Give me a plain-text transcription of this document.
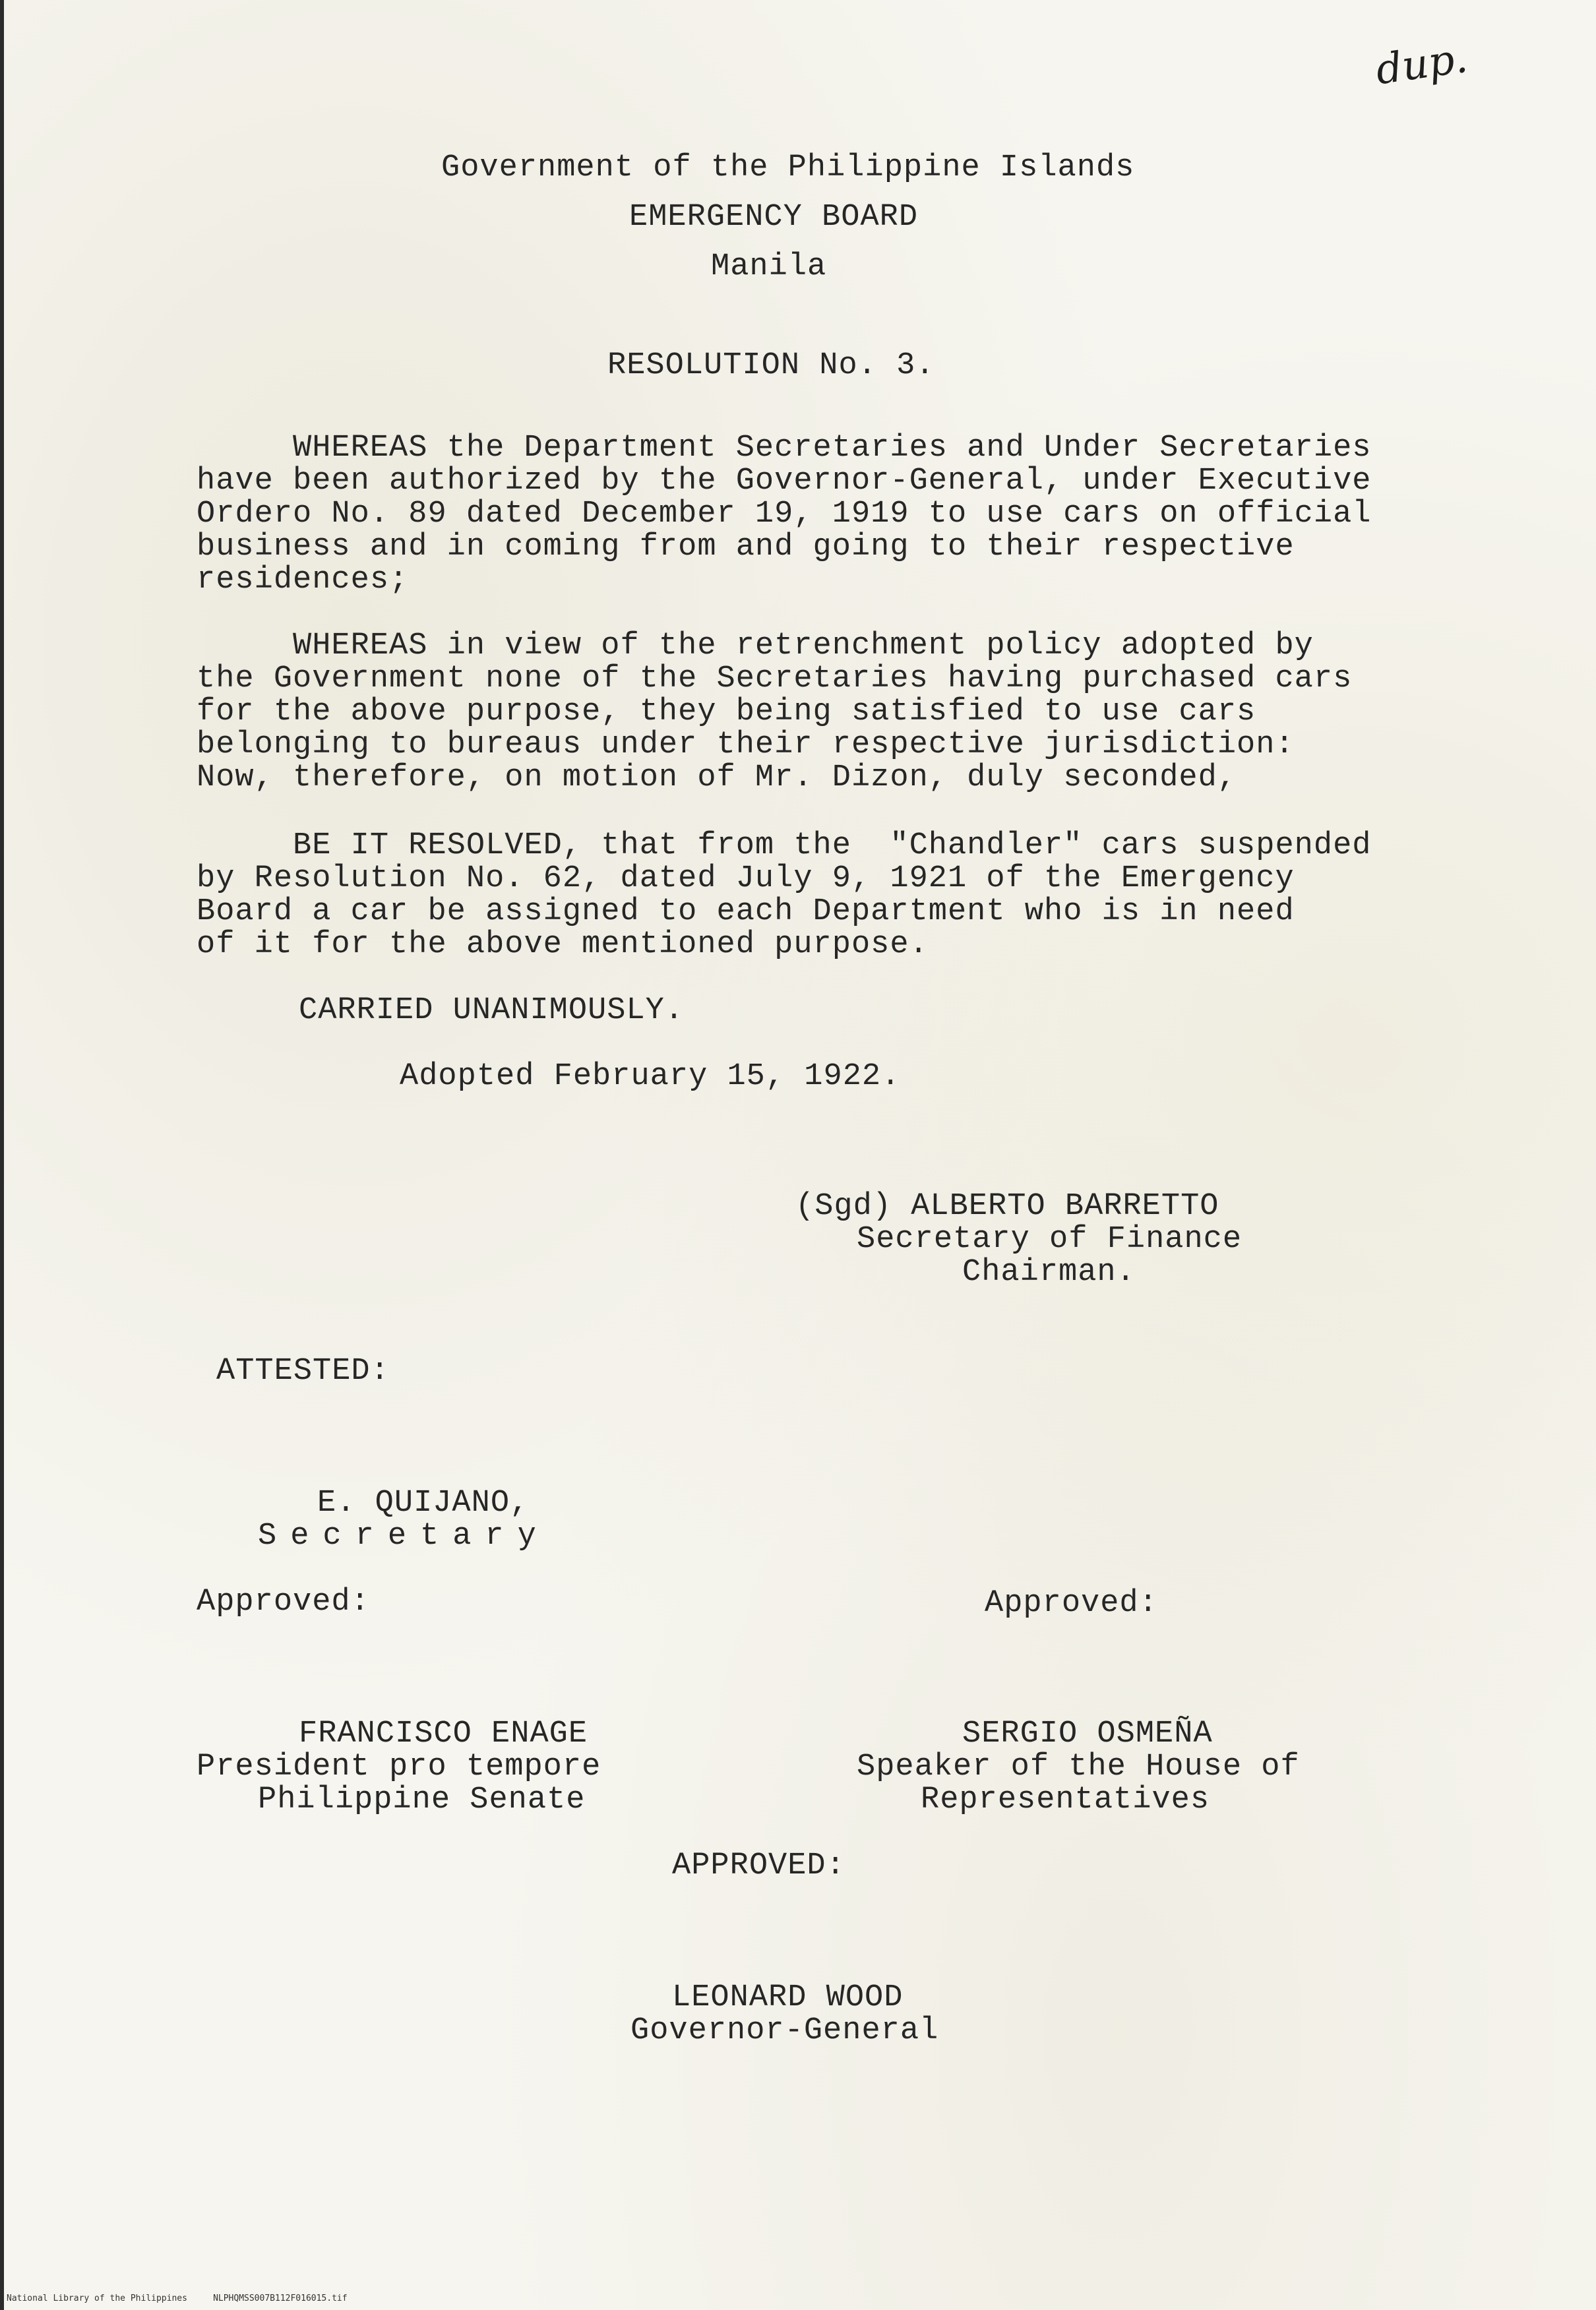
dup.
Government of the Philippine Islands
EMERGENCY BOARD
Manila
RESOLUTION No. 3.
WHEREAS the Department Secretaries and Under Secretaries
have been authorized by the Governor-General, under Executive
Ordero No. 89 dated December 19, 1919 to use cars on official
business and in coming from and going to their respective
residences;
WHEREAS in view of the retrenchment policy adopted by
the Government none of the Secretaries having purchased cars
for the above purpose, they being satisfied to use cars
belonging to bureaus under their respective jurisdiction:
Now, therefore, on motion of Mr. Dizon, duly seconded,
BE IT RESOLVED, that from the  "Chandler" cars suspended
by Resolution No. 62, dated July 9, 1921 of the Emergency
Board a car be assigned to each Department who is in need
of it for the above mentioned purpose.
CARRIED UNANIMOUSLY.
Adopted February 15, 1922.
(Sgd) ALBERTO BARRETTO
Secretary of Finance
Chairman.
ATTESTED:
E. QUIJANO,
Secretary
Approved:	Approved:
FRANCISCO ENAGE
President pro tempore
Philippine Senate
SERGIO OSMEÑA
Speaker of the House of
Representatives
APPROVED:
LEONARD WOOD
Governor-General
National Library of the Philippines     NLPHQMSS007B112F016015.tif
